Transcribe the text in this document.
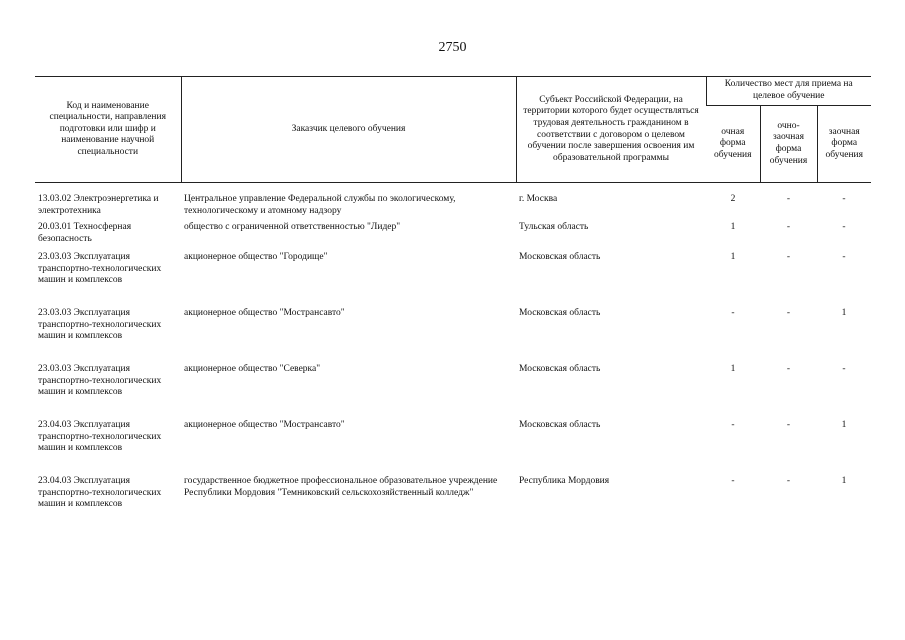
2750
Код и наименование специальности, направления подготовки или шифр и наименование научной специальности	Заказчик целевого обучения	Субъект Российской Федерации, на территории которого будет осуществляться трудовая деятельность гражданином в соответствии с договором о целевом обучении после завершения освоения им образовательной программы	Количество мест для приема на целевое обучение		
			очная форма обучения	очно-заочная форма обучения	заочная форма обучения

13.03.02 Электроэнергетика и электротехника	Центральное управление Федеральной службы по экологическому, технологическому и атомному надзору	г. Москва	2	-	-
20.03.01 Техносферная безопасность	общество с ограниченной ответственностью "Лидер"	Тульская область	1	-	-
23.03.03 Эксплуатация транспортно-технологических машин и комплексов	акционерное общество "Городище"	Московская область	1	-	-
23.03.03 Эксплуатация транспортно-технологических машин и комплексов	акционерное общество "Мострансавто"	Московская область	-	-	1
23.03.03 Эксплуатация транспортно-технологических машин и комплексов	акционерное общество "Северка"	Московская область	1	-	-
23.04.03 Эксплуатация транспортно-технологических машин и комплексов	акционерное общество "Мострансавто"	Московская область	-	-	1
23.04.03 Эксплуатация транспортно-технологических машин и комплексов	государственное бюджетное профессиональное образовательное учреждение Республики Мордовия "Темниковский сельскохозяйственный колледж"	Республика Мордовия	-	-	1
